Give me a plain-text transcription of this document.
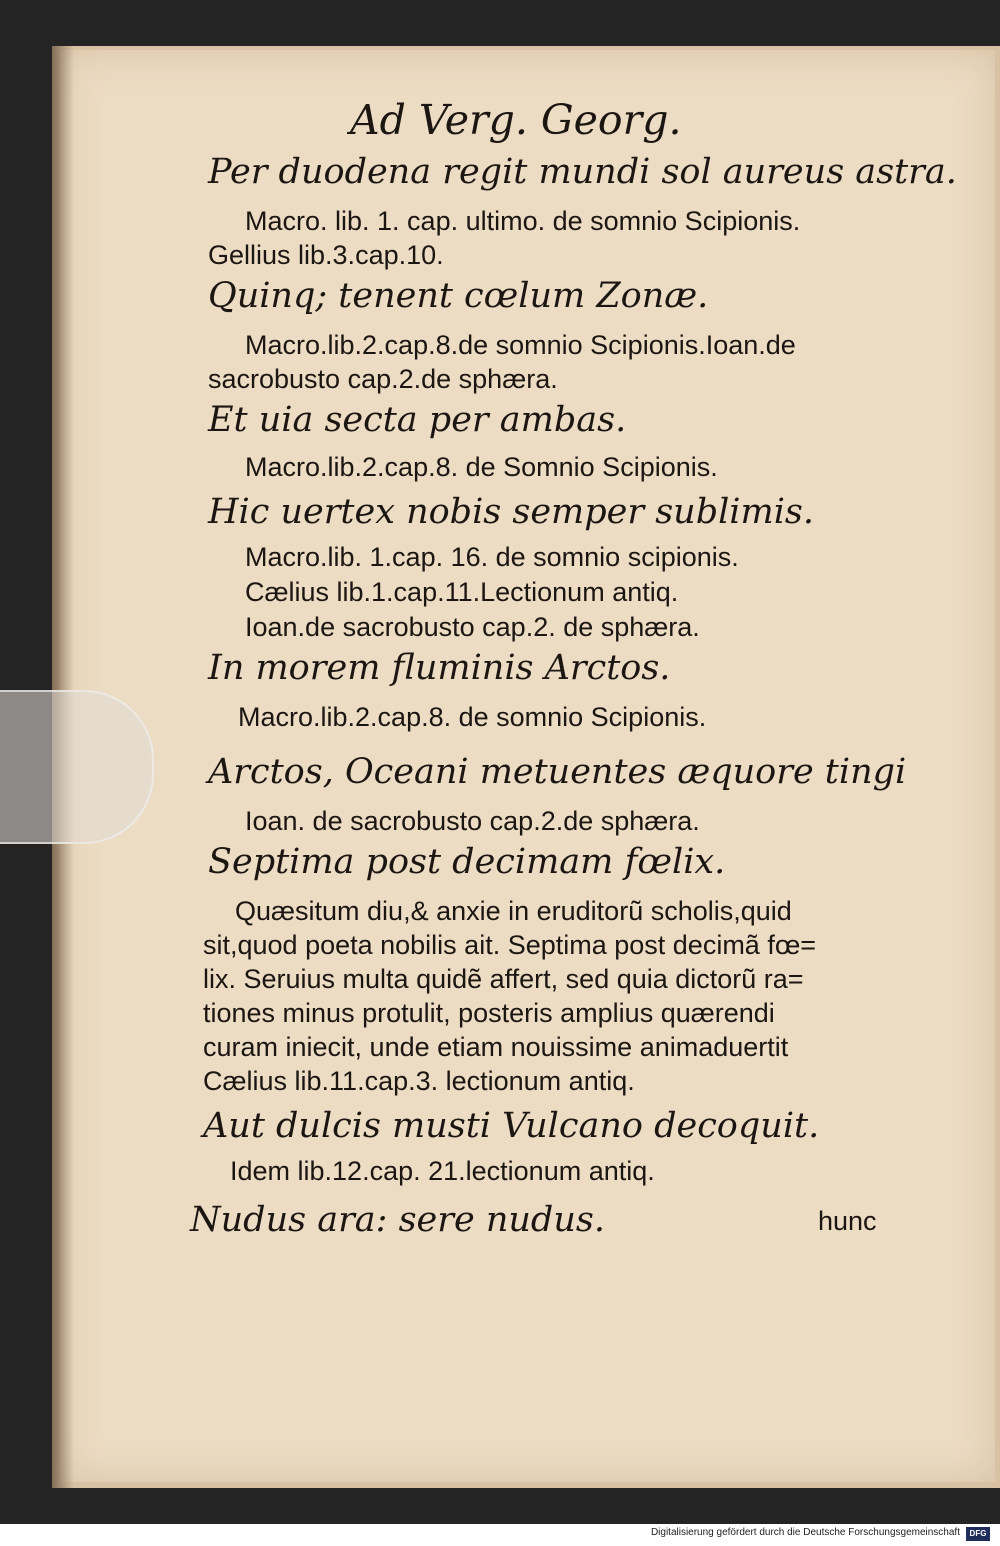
Ad Verg. Georg.
Per duodena regit mundi sol aureus astra.
Macro. lib. 1. cap. ultimo. de somnio Scipionis.
Gellius lib.3.cap.10.
Quinq; tenent cœlum Zonæ.
Macro.lib.2.cap.8.de somnio Scipionis.Ioan.de
sacrobusto cap.2.de sphæra.
Et uia secta per ambas.
Macro.lib.2.cap.8. de Somnio Scipionis.
Hic uertex nobis semper sublimis.
Macro.lib. 1.cap. 16. de somnio scipionis.
Cælius lib.1.cap.11.Lectionum antiq.
Ioan.de sacrobusto cap.2. de sphæra.
In morem fluminis Arctos.
Macro.lib.2.cap.8. de somnio Scipionis.
Arctos, Oceani metuentes æquore tingi
Ioan. de sacrobusto cap.2.de sphæra.
Septima post decimam fœlix.
Quæsitum diu,& anxie in eruditorũ scholis,quid
sit,quod poeta nobilis ait. Septima post decimã fœ=
lix. Seruius multa quidẽ affert, sed quia dictorũ ra=
tiones minus protulit, posteris amplius quærendi
curam iniecit, unde etiam nouissime animaduertit
Cælius lib.11.cap.3. lectionum antiq.
Aut dulcis musti Vulcano decoquit.
Idem lib.12.cap. 21.lectionum antiq.
Nudus ara: sere nudus.	hunc
Digitalisierung gefördert durch die Deutsche Forschungsgemeinschaft	DFG
